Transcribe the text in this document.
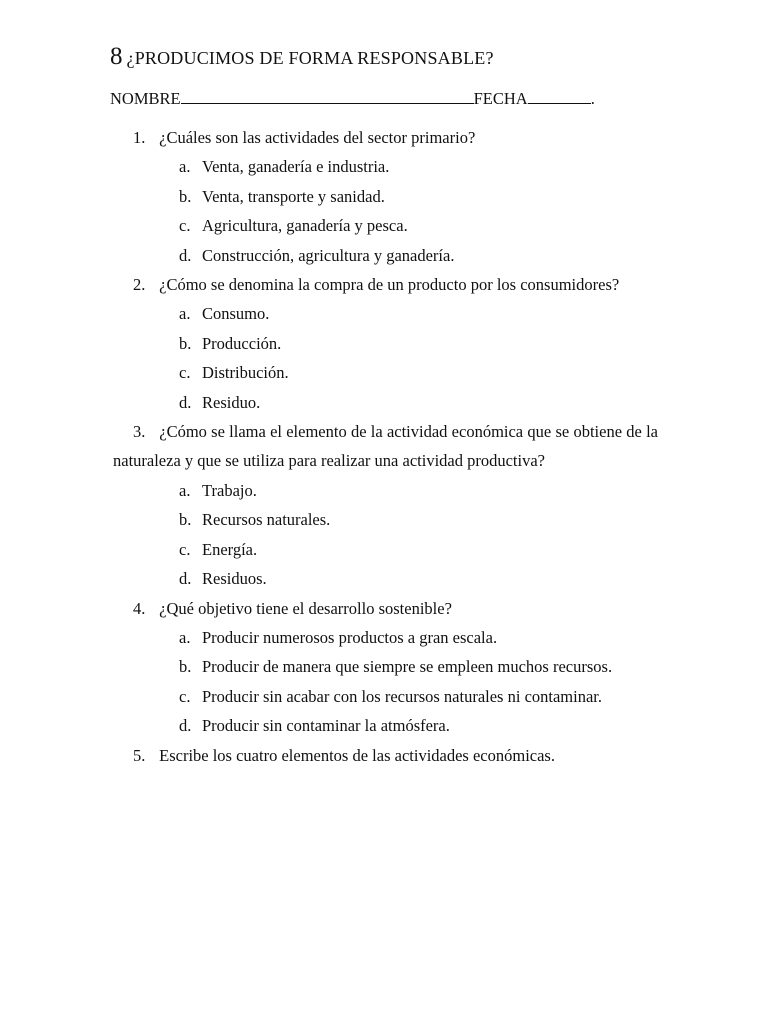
8 ¿PRODUCIMOS DE FORMA RESPONSABLE?
NOMBRE	FECHA	.

1. ¿Cuáles son las actividades del sector primario?

a. Venta, ganadería e industria.
b. Venta, transporte y sanidad.
c. Agricultura, ganadería y pesca.
d. Construcción, agricultura y ganadería.

2. ¿Cómo se denomina la compra de un producto por los consumidores?

a. Consumo.
b. Producción.
c. Distribución.
d. Residuo.

3. ¿Cómo se llama el elemento de la actividad económica que se obtiene de la naturaleza y que se utiliza para realizar una actividad productiva?

a. Trabajo.
b. Recursos naturales.
c. Energía.
d. Residuos.

4. ¿Qué objetivo tiene el desarrollo sostenible?

a. Producir numerosos productos a gran escala.
b. Producir de manera que siempre se empleen muchos recursos.
c. Producir sin acabar con los recursos naturales ni contaminar.
d. Producir sin contaminar la atmósfera.

5. Escribe los cuatro elementos de las actividades económicas.
